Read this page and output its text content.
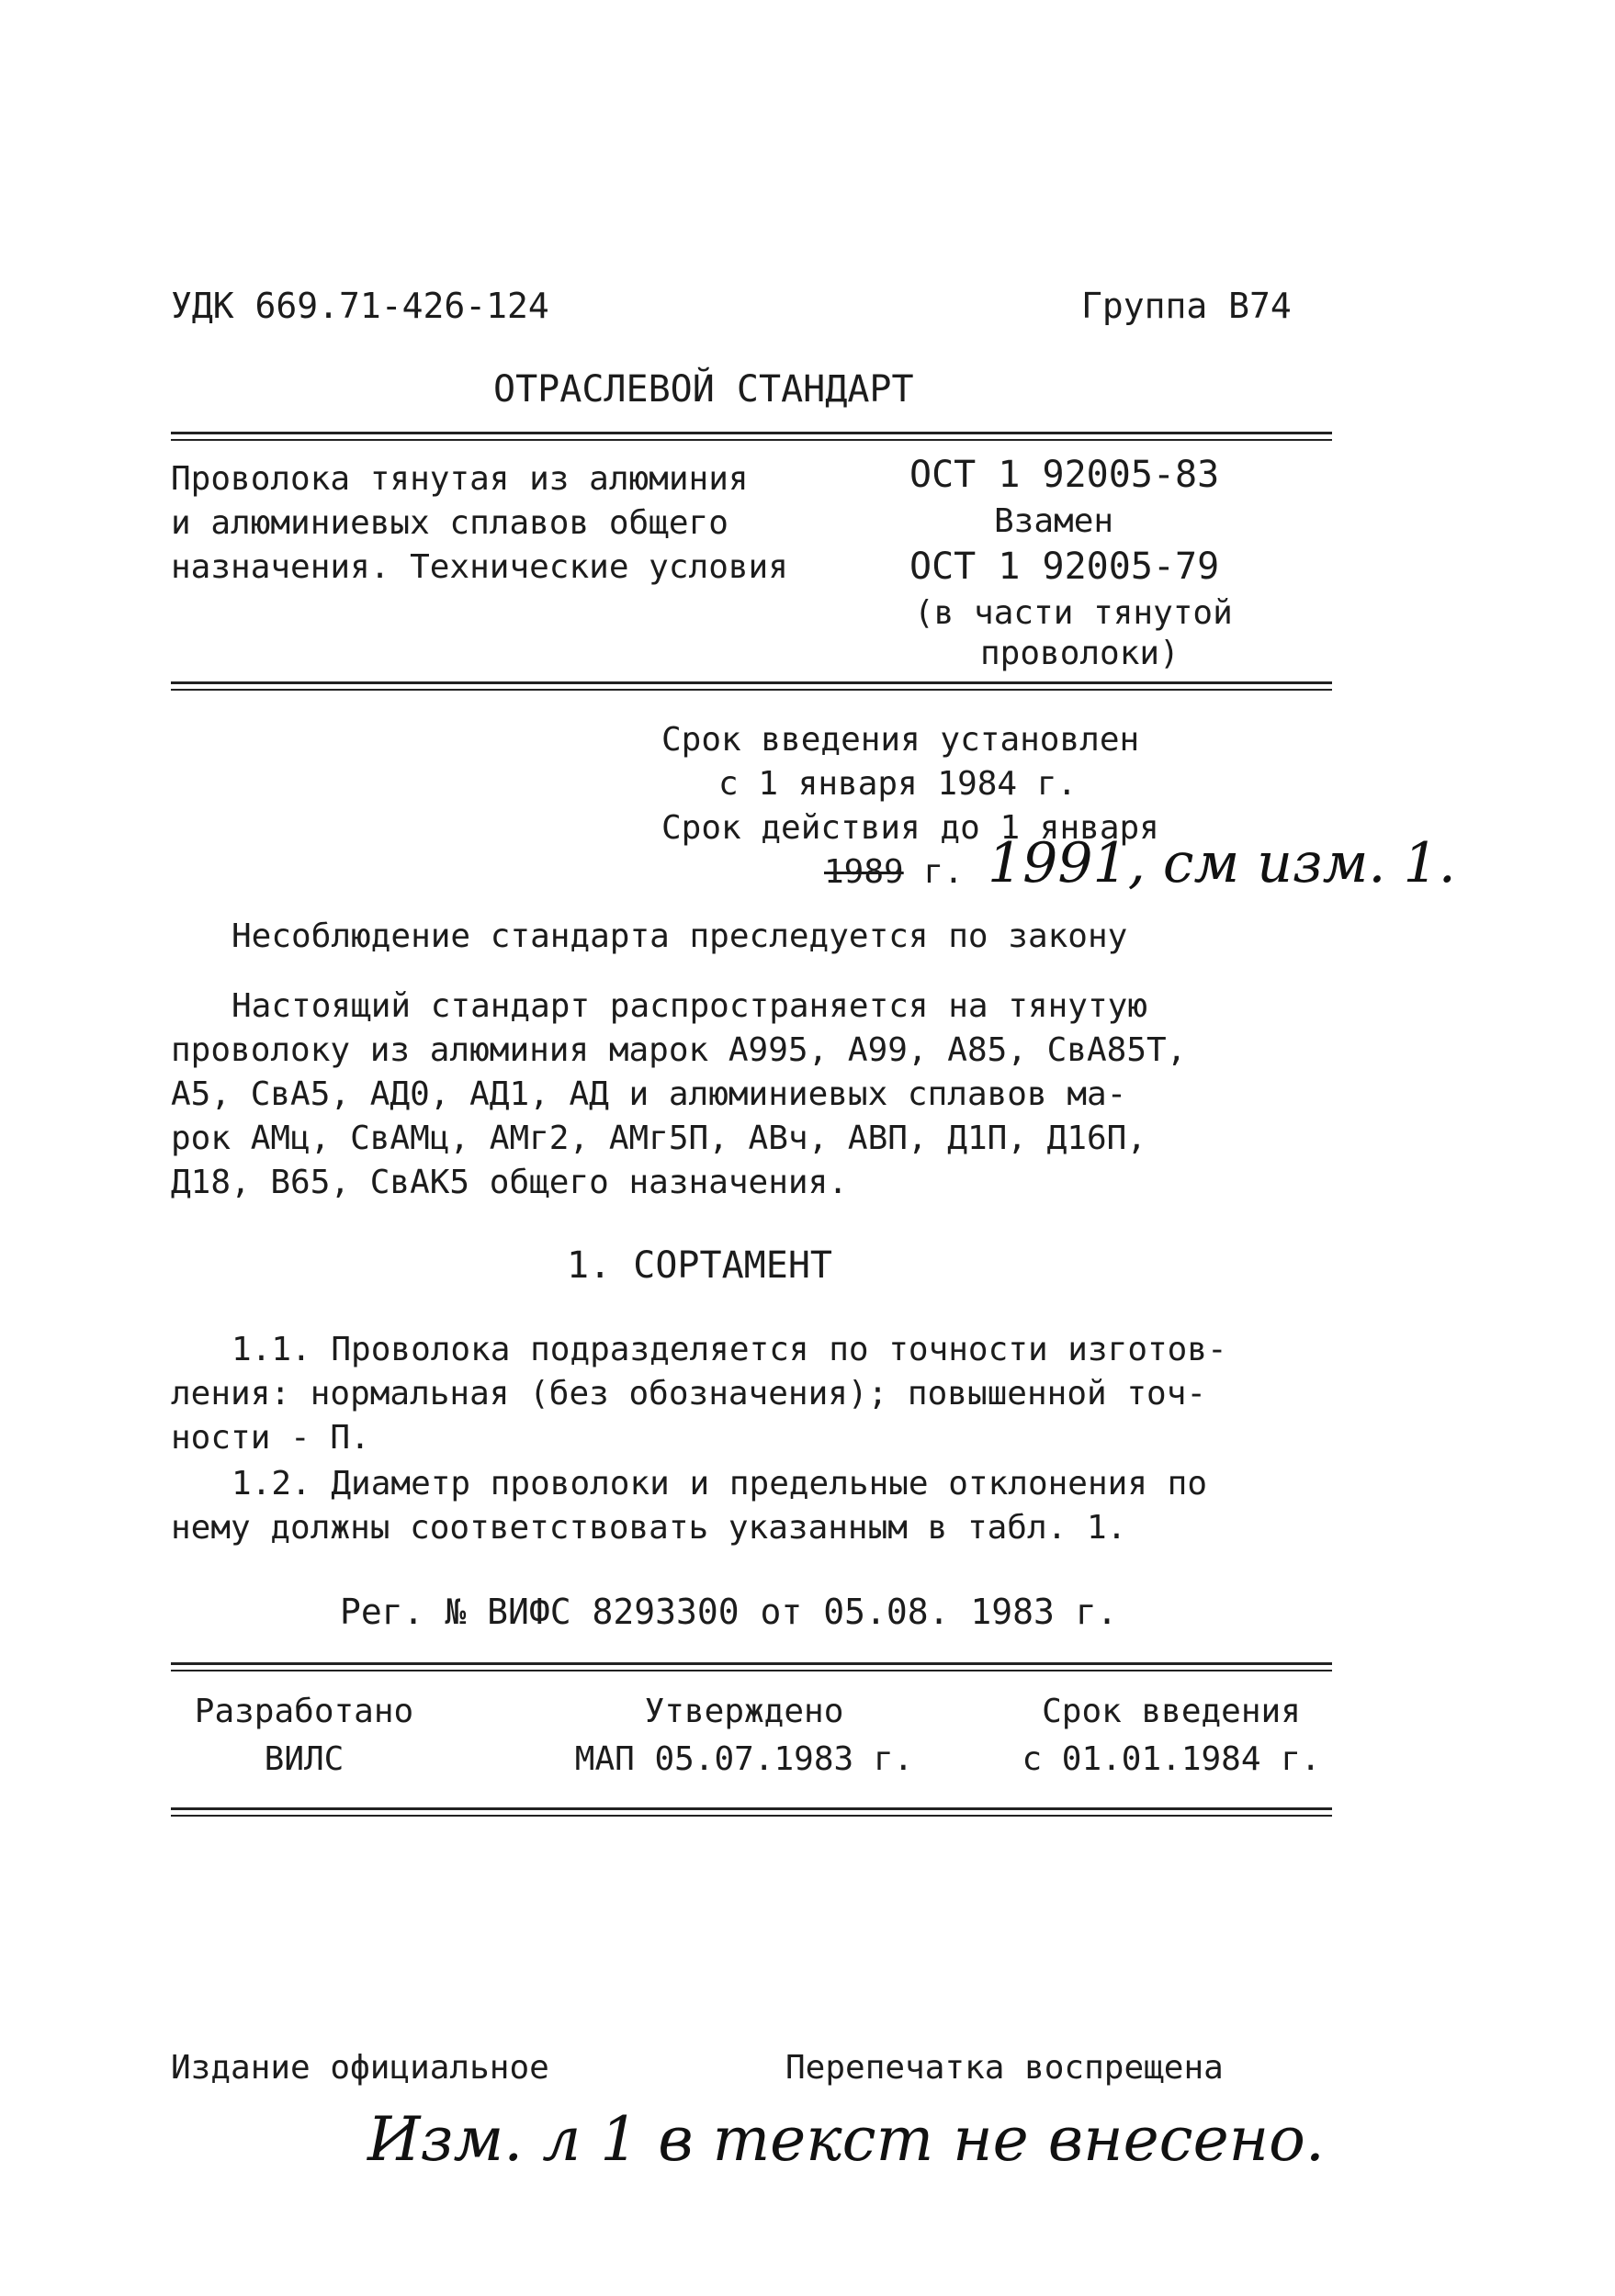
УДК 669.71-426-124	Группа В74
ОТРАСЛЕВОЙ СТАНДАРТ
Проволока тянутая из алюминия
и алюминиевых сплавов общего
назначения. Технические условия
ОСТ 1 92005-83
Взамен
ОСТ 1 92005-79
(в части тянутой
проволоки)
Срок введения установлен
с 1 января 1984 г.
Срок действия до 1 января
1989 г. 1991, см изм. 1.
Несоблюдение стандарта преследуется по закону
Настоящий стандарт распространяется на тянутую
проволоку из алюминия марок А995, А99, А85, СвА85Т,
А5, СвА5, АД0, АД1, АД и алюминиевых сплавов ма-
рок АМц, СвАМц, АМг2, АМг5П, АВч, АВП, Д1П, Д16П,
Д18, В65, СвАК5 общего назначения.
1. СОРТАМЕНТ
1.1. Проволока подразделяется по точности изготов-
ления: нормальная (без обозначения); повышенной точ-
ности - П.
1.2. Диаметр проволоки и предельные отклонения по
нему должны соответствовать указанным в табл. 1.
Рег. № ВИФС 8293300 от 05.08. 1983 г.
Разработано
ВИЛС
Утверждено
МАП 05.07.1983 г.
Срок введения
с 01.01.1984 г.
Издание официальное	Перепечатка воспрещена
Изм. л 1 в текст не внесено.
